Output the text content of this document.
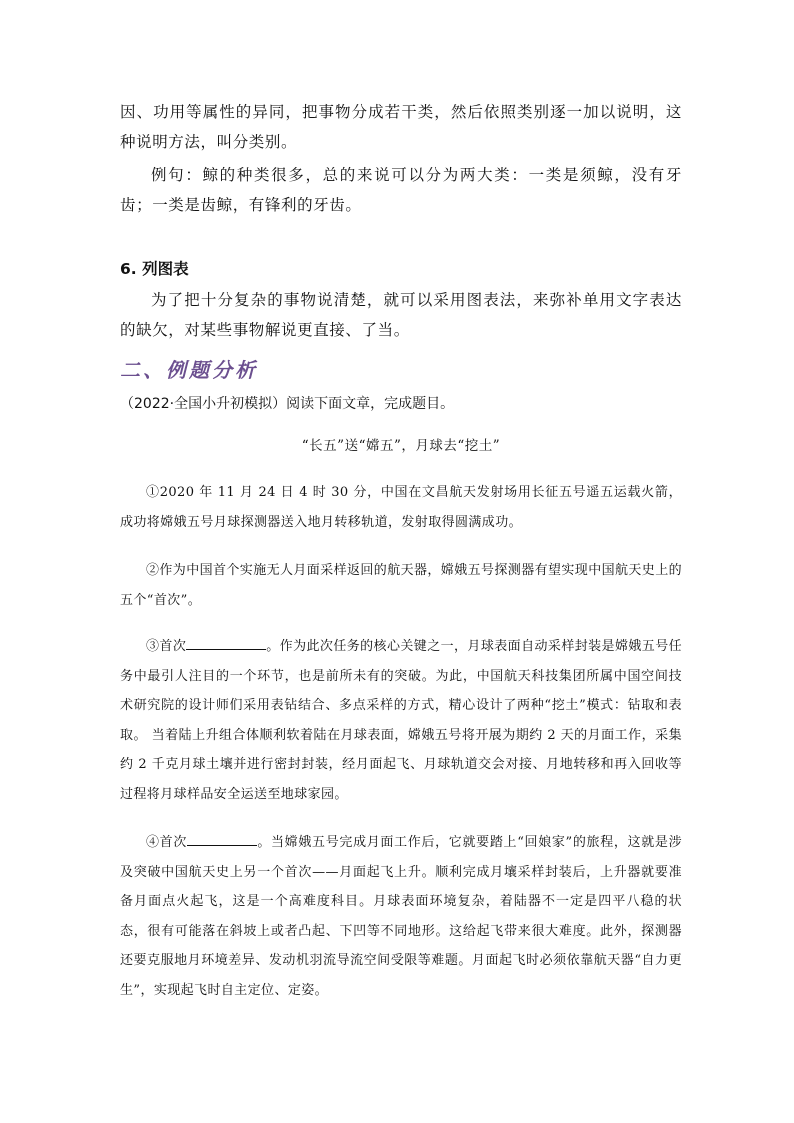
因、功用等属性的异同，把事物分成若干类，然后依照类别逐一加以说明，这种说明方法，叫分类别。

例句：鲸的种类很多，总的来说可以分为两大类：一类是须鲸，没有牙齿；一类是齿鲸，有锋利的牙齿。

6. 列图表

为了把十分复杂的事物说清楚，就可以采用图表法，来弥补单用文字表达的缺欠，对某些事物解说更直接、了当。

二、例题分析

（2022·全国小升初模拟）阅读下面文章，完成题目。

“长五”送“嫦五”，月球去“挖土”

①2020 年 11 月 24 日 4 时 30 分，中国在文昌航天发射场用长征五号遥五运载火箭，成功将嫦娥五号月球探测器送入地月转移轨道，发射取得圆满成功。

②作为中国首个实施无人月面采样返回的航天器，嫦娥五号探测器有望实现中国航天史上的五个“首次”。

③首次	。作为此次任务的核心关键之一，月球表面自动采样封装是嫦娥五号任务中最引人注目的一个环节，也是前所未有的突破。为此，中国航天科技集团所属中国空间技术研究院的设计师们采用表钻结合、多点采样的方式，精心设计了两种“挖土”模式：钻取和表取。 当着陆上升组合体顺利软着陆在月球表面，嫦娥五号将开展为期约 2 天的月面工作，采集约 2 千克月球土壤并进行密封封装，经月面起飞、月球轨道交会对接、月地转移和再入回收等过程将月球样品安全运送至地球家园。

④首次	。当嫦娥五号完成月面工作后，它就要踏上“回娘家”的旅程，这就是涉及突破中国航天史上另一个首次——月面起飞上升。顺利完成月壤采样封装后，上升器就要准备月面点火起飞，这是一个高难度科目。月球表面环境复杂，着陆器不一定是四平八稳的状态，很有可能落在斜坡上或者凸起、下凹等不同地形。这给起飞带来很大难度。此外，探测器还要克服地月环境差异、发动机羽流导流空间受限等难题。月面起飞时必须依靠航天器“自力更生”，实现起飞时自主定位、定姿。
